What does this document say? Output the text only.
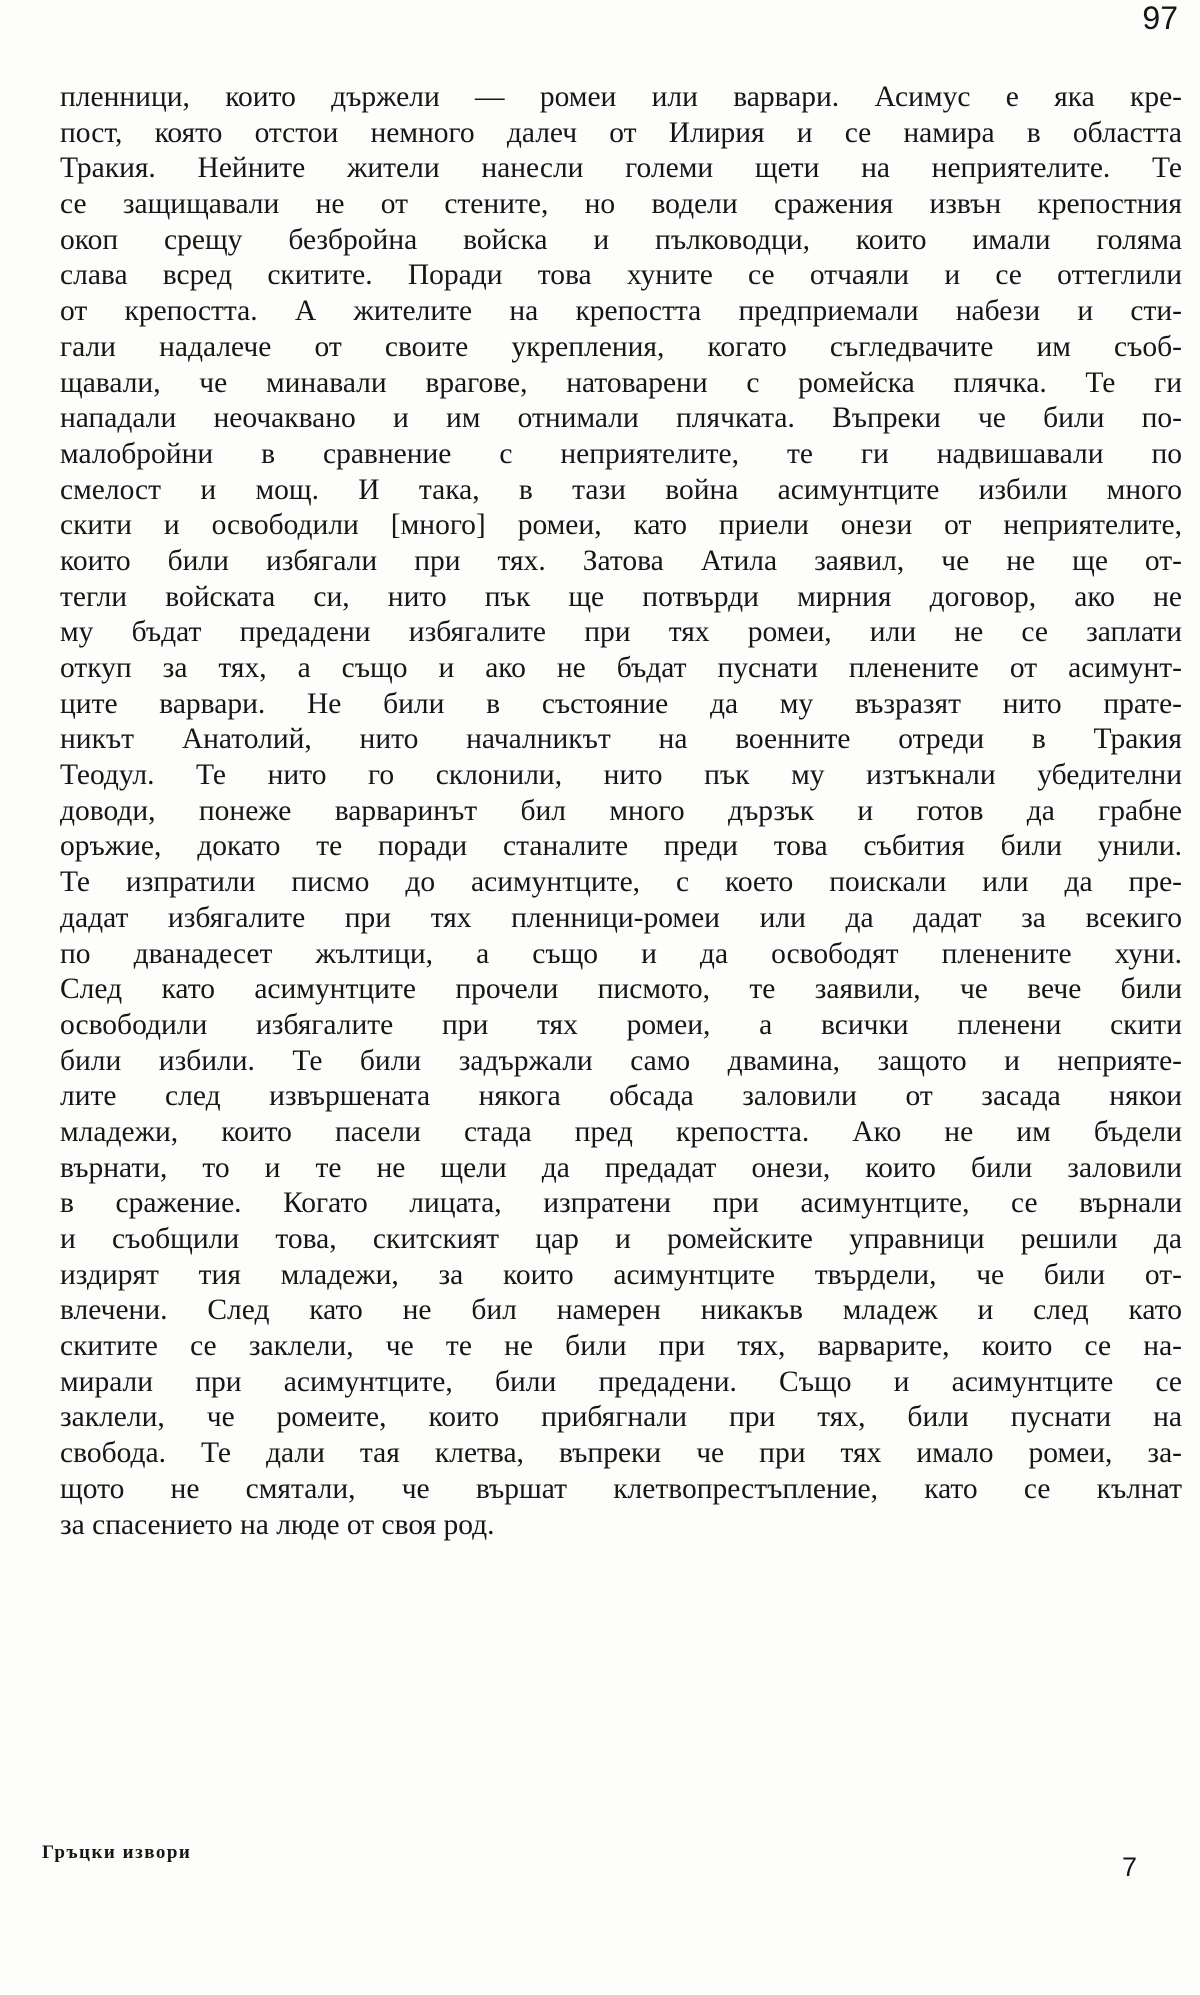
97
пленници, които държели — ромеи или варвари. Асимус е яка кре-
пост, която отстои немного далеч от Илирия и се намира в областта
Тракия. Нейните жители нанесли големи щети на неприятелите. Те
се защищавали не от стените, но водели сражения извън крепостния
окоп срещу безбройна войска и пълководци, които имали голяма
слава всред скитите. Поради това хуните се отчаяли и се оттеглили
от крепостта. А жителите на крепостта предприемали набези и сти-
гали надалече от своите укрепления, когато съгледвачите им съоб-
щавали, че минавали врагове, натоварени с ромейска плячка. Те ги
нападали неочаквано и им отнимали плячката. Въпреки че били по-
малобройни в сравнение с неприятелите, те ги надвишавали по
смелост и мощ. И така, в тази война асимунтците избили много
скити и освободили [много] ромеи, като приели онези от неприятелите,
които били избягали при тях. Затова Атила заявил, че не ще от-
тегли войската си, нито пък ще потвърди мирния договор, ако не
му бъдат предадени избягалите при тях ромеи, или не се заплати
откуп за тях, а също и ако не бъдат пуснати пленените от асимунт-
ците варвари. Не били в състояние да му възразят нито прате-
никът Анатолий, нито началникът на военните отреди в Тракия
Теодул. Те нито го склонили, нито пък му изтъкнали убедителни
доводи, понеже варваринът бил много дързък и готов да грабне
оръжие, докато те поради станалите преди това събития били унили.
Те изпратили писмо до асимунтците, с което поискали или да пре-
дадат избягалите при тях пленници-ромеи или да дадат за всекиго
по дванадесет жълтици, а също и да освободят пленените хуни.
След като асимунтците прочели писмото, те заявили, че вече били
освободили избягалите при тях ромеи, а всички пленени скити
били избили. Те били задържали само двамина, защото и неприяте-
лите след извършената някога обсада заловили от засада някои
младежи, които пасели стада пред крепостта. Ако не им бъдели
върнати, то и те не щели да предадат онези, които били заловили
в сражение. Когато лицата, изпратени при асимунтците, се върнали
и съобщили това, скитският цар и ромейските управници решили да
издирят тия младежи, за които асимунтците твърдели, че били от-
влечени. След като не бил намерен никакъв младеж и след като
скитите се заклели, че те не били при тях, варварите, които се на-
мирали при асимунтците, били предадени. Също и асимунтците се
заклели, че ромеите, които прибягнали при тях, били пуснати на
свобода. Те дали тая клетва, въпреки че при тях имало ромеи, за-
щото не смятали, че вършат клетвопрестъпление, като се кълнат
за спасението на люде от своя род.
Гръцки извори	7
